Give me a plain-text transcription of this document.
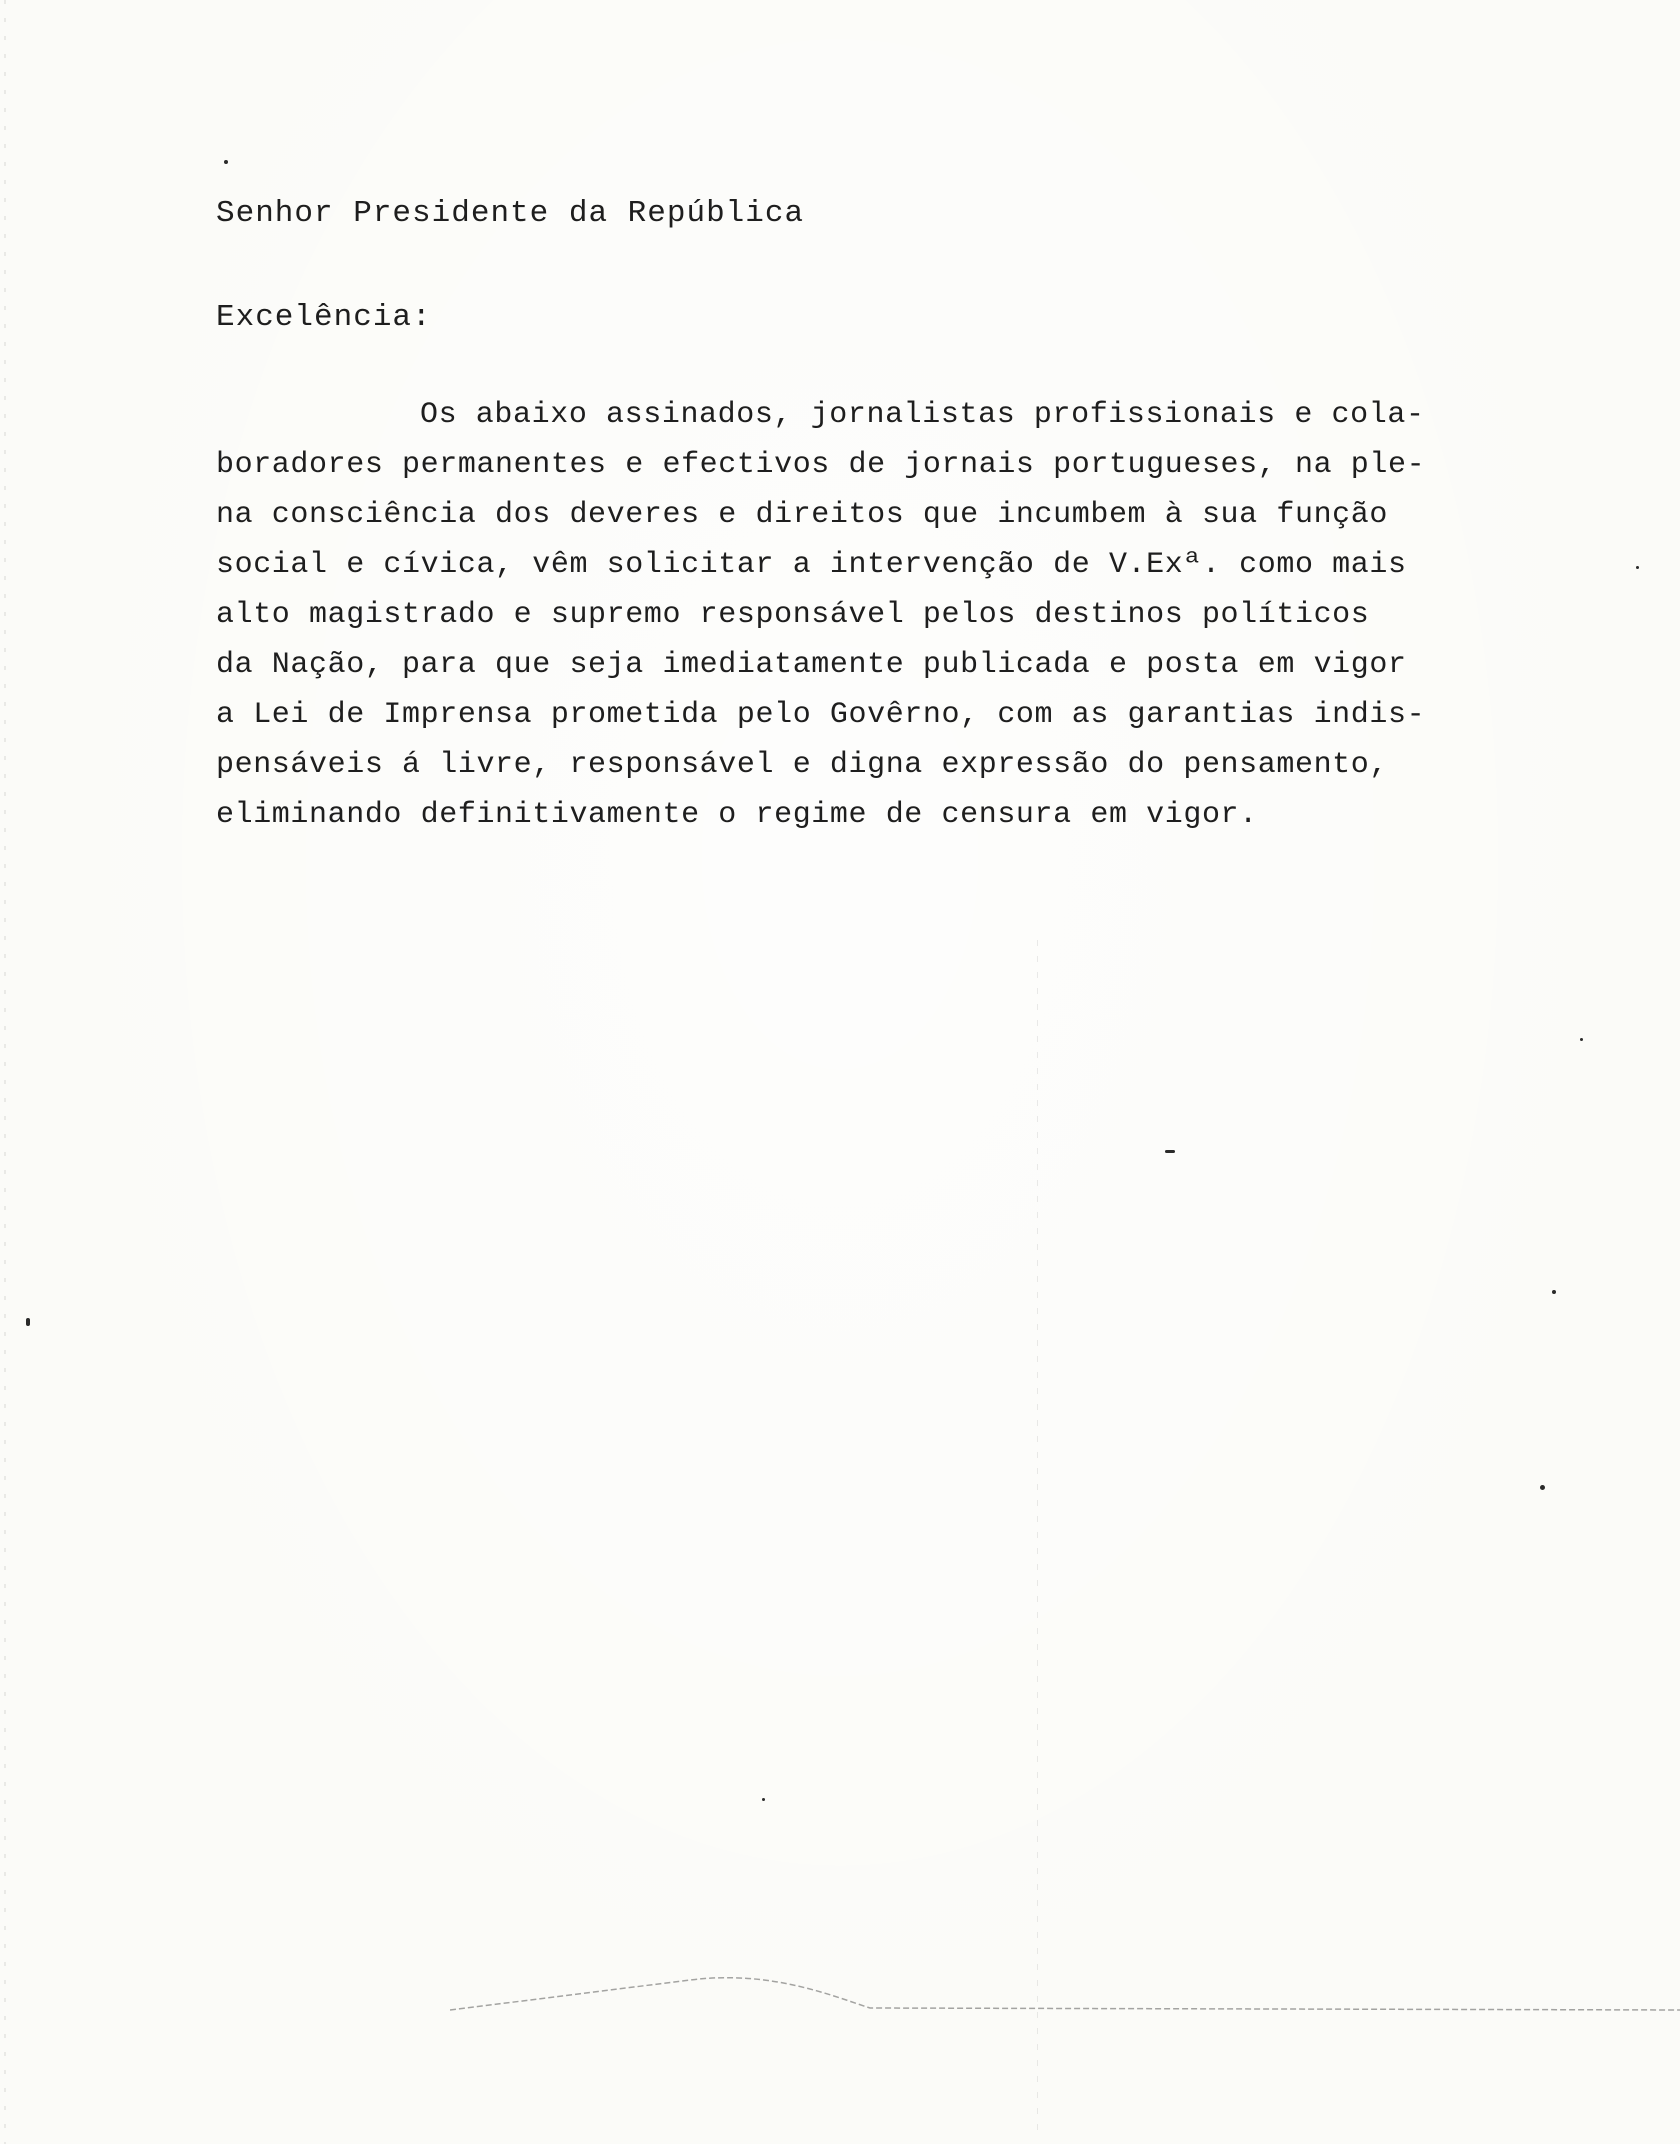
Senhor Presidente da República
Excelência:
Os abaixo assinados, jornalistas profissionais e cola-
boradores permanentes e efectivos de jornais portugueses, na ple-
na consciência dos deveres e direitos que incumbem à sua função
social e cívica, vêm solicitar a intervenção de V.Exª. como mais
alto magistrado e supremo responsável pelos destinos políticos
da Nação, para que seja imediatamente publicada e posta em vigor
a Lei de Imprensa prometida pelo Govêrno, com as garantias indis-
pensáveis á livre, responsável e digna expressão do pensamento,
eliminando definitivamente o regime de censura em vigor.
